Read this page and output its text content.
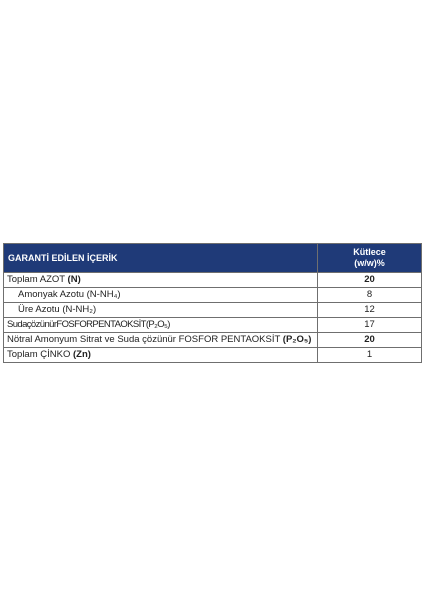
GARANTİ EDİLEN İÇERİK	Kütlece
(w/w)%

Toplam AZOT (N)	20
Amonyak Azotu (N-NH₄)	8
Üre Azotu (N-NH₂)	12
SudaçözünürFOSFORPENTAOKSİT(P₂O₅)	17
Nötral Amonyum Sitrat ve Suda çözünür FOSFOR PENTAOKSİT (P₂O₅)	20
Toplam ÇİNKO (Zn)	1
